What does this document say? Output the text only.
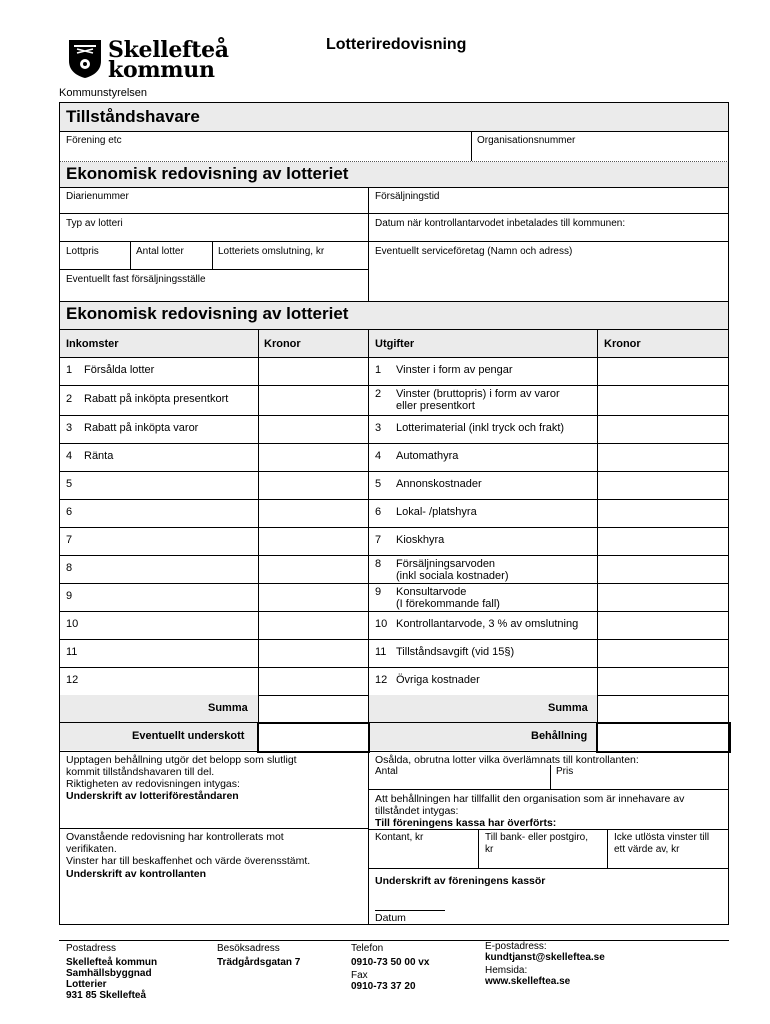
Skellefteå
kommun
Lotteriredovisning
Kommunstyrelsen
Tillståndshavare
Förening etc	Organisationsnummer
Ekonomisk redovisning av lotteriet
Diarienummer	Försäljningstid
Typ av lotteri	Datum när kontrollantarvodet inbetalades till kommunen:
Lottpris	Antal lotter	Lotteriets omslutning, kr	Eventuellt serviceföretag (Namn och adress)
Eventuellt fast försäljningsställe
Ekonomisk redovisning av lotteriet
Inkomster	Kronor	Utgifter	Kronor
1 Försålda lotter	1 Vinster i form av pengar
2 Rabatt på inköpta presentkort	2 Vinster (bruttopris) i form av varor
eller presentkort
3 Rabatt på inköpta varor	3 Lotterimaterial (inkl tryck och frakt)
4 Ränta	4 Automathyra
5	5 Annonskostnader
6	6 Lokal- /platshyra
7	7 Kioskhyra
8	8 Försäljningsarvoden
(inkl sociala kostnader)
9	9 Konsultarvode
(I förekommande fall)
10	10 Kontrollantarvode, 3 % av omslutning
11	11 Tillståndsavgift (vid 15§)
12	12 Övriga kostnader
Summa	Summa
Eventuellt underskott	Behållning
Upptagen behållning utgör det belopp som slutligt
kommit tillståndshavaren till del.
Riktigheten av redovisningen intygas:
Underskrift av lotteriföreståndaren
Ovanstående redovisning har kontrollerats mot
verifikaten.
Vinster har till beskaffenhet och värde överensstämt.
Underskrift av kontrollanten
Osålda, obrutna lotter vilka överlämnats till kontrollanten:
Antal	Pris
Att behållningen har tillfallit den organisation som är innehavare av
tillståndet intygas:
Till föreningens kassa har överförts:
Kontant, kr	Till bank- eller postgiro,
kr
Icke utlösta vinster till
ett värde av, kr
Underskrift av föreningens kassör
Datum
Postadress
Skellefteå kommun
Samhällsbyggnad
Lotterier
931 85 Skellefteå
Besöksadress
Trädgårdsgatan 7
Telefon
0910-73 50 00 vx
Fax
0910-73 37 20
E-postadress:
kundtjanst@skelleftea.se
Hemsida:
www.skelleftea.se
